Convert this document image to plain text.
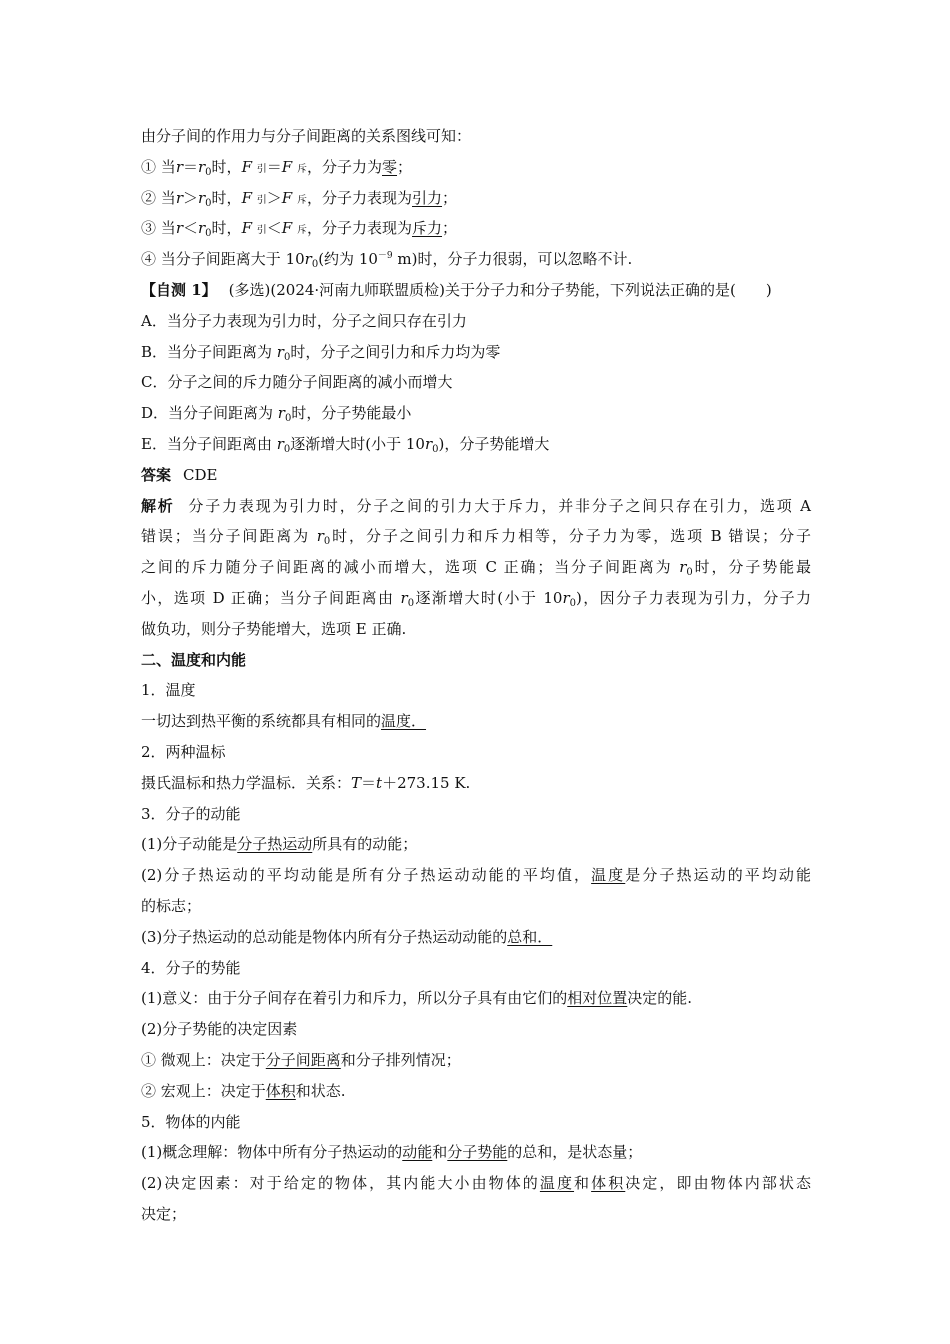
由分子间的作用力与分子间距离的关系图线可知：
① 当$r=r_0$时，F 引＝F 斥，分子力为零；
② 当$r>r_0$时，F 引＞F 斥，分子力表现为引力；
③ 当$r<r_0$时，F 引＜F 斥，分子力表现为斥力；
④ 当分子间距离大于 $10r_0$(约为 $10^{-9}$ m)时，分子力很弱，可以忽略不计.
【自测 1】 (多选)(2024·河南九师联盟质检)关于分子力和分子势能，下列说法正确的是(　　)
A．当分子力表现为引力时，分子之间只存在引力
B．当分子间距离为 $r_0$时，分子之间引力和斥力均为零
C．分子之间的斥力随分子间距离的减小而增大
D．当分子间距离为 $r_0$时，分子势能最小
E．当分子间距离由 $r_0$逐渐增大时(小于 $10r_0$)，分子势能增大
答案 CDE
解析 分子力表现为引力时，分子之间的引力大于斥力，并非分子之间只存在引力，选项 A
错误；当分子间距离为 $r_0$时，分子之间引力和斥力相等，分子力为零，选项 B 错误；分子
之间的斥力随分子间距离的减小而增大，选项 C 正确；当分子间距离为 $r_0$时，分子势能最
小，选项 D 正确；当分子间距离由 $r_0$逐渐增大时(小于 $10r_0$)，因分子力表现为引力，分子力
做负功，则分子势能增大，选项 E 正确.
二、温度和内能
1．温度
一切达到热平衡的系统都具有相同的温度．
2．两种温标
摄氏温标和热力学温标．关系：T＝t＋273.15 K.
3．分子的动能
(1)分子动能是分子热运动所具有的动能；
(2)分子热运动的平均动能是所有分子热运动动能的平均值，温度是分子热运动的平均动能
的标志；
(3)分子热运动的总动能是物体内所有分子热运动动能的总和．
4．分子的势能
(1)意义：由于分子间存在着引力和斥力，所以分子具有由它们的相对位置决定的能.
(2)分子势能的决定因素
① 微观上：决定于分子间距离和分子排列情况；
② 宏观上：决定于体积和状态.
5．物体的内能
(1)概念理解：物体中所有分子热运动的动能和分子势能的总和，是状态量；
(2)决定因素：对于给定的物体，其内能大小由物体的温度和体积决定，即由物体内部状态
决定；
